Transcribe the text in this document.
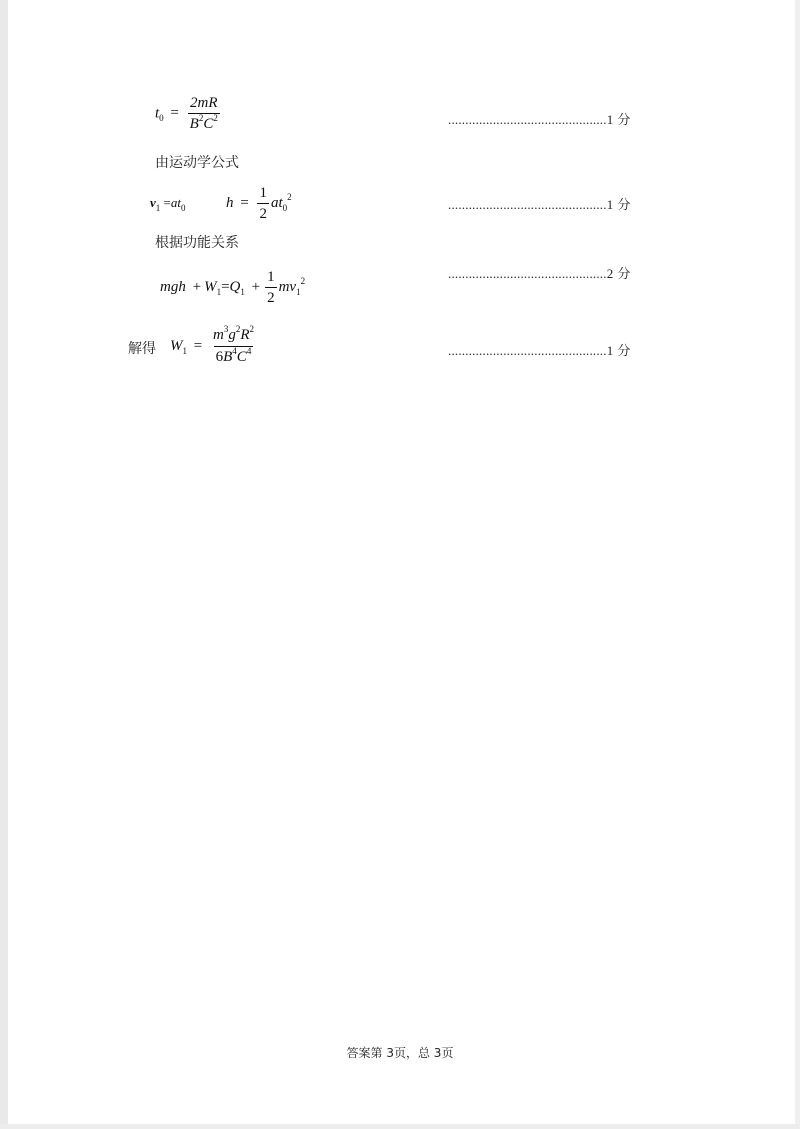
$t_0 = \frac{2mR}{B^2C^2}$	..............................................1 分
由运动学公式
$v_1 =at_0$	$h = \frac{1}{2} at_0^2$
..............................................1 分
根据功能关系
mgh + $W_1=Q_1 + \frac{1}{2} mv_1^2$	..............................................2 分
解得 $W_1 = \frac{m^3g^2R^2}{6B^4C^4}$	..............................................1 分
答案第 3页，总 3页
